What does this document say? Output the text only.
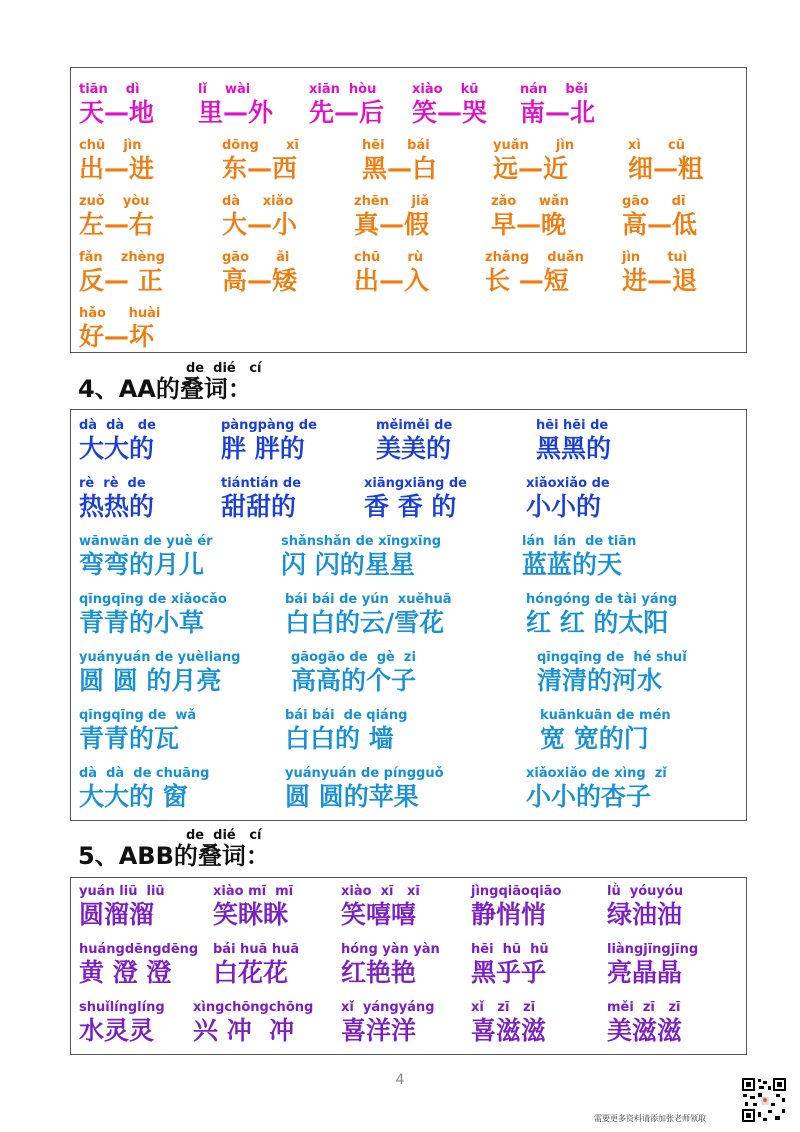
tiān    dì
天—地
lǐ    wài
里—外
xiān  hòu
先—后
xiào    kū
笑—哭
nán    běi
南—北
chū    jìn
出—进
dōng      xī
东—西
hēi     bái
黑—白
yuǎn      jìn
远—近
xì      cū
细—粗
zuǒ    yòu
左—右
dà     xiǎo
大—小
zhēn     jiǎ
真—假
zǎo     wǎn
早—晚
gāo     dī
高—低
fǎn    zhèng
反— 正
gāo      ǎi
高—矮
chū      rù
出—入
zhǎng    duǎn
长 —短
jìn      tuì
进—退
hǎo     huài
好—坏
de  dié   cí
4、AA的叠词：
dà  dà   de
大大的
pàngpàng de
胖 胖的
měiměi de
美美的
hēi hēi de
黑黑的
rè  rè  de
热热的
tiántián de
甜甜的
xiāngxiāng de
香 香 的
xiǎoxiǎo de
小小的
wānwān de yuè ér
弯弯的月儿
shǎnshǎn de xīngxīng
闪 闪的星星
lán  lán  de tiān
蓝蓝的天
qīngqīng de xiǎocǎo
青青的小草
bái bái de yún  xuěhuā
白白的云/雪花
hóngóng de tài yáng
红 红 的太阳
yuányuán de yuèliang
圆 圆 的月亮
gāogāo de  gè  zi
高高的个子
qīngqīng de  hé shuǐ
清清的河水
qīngqīng de  wǎ
青青的瓦
bái bái  de qiáng
白白的 墙
kuānkuān de mén
宽 宽的门
dà  dà  de chuāng
大大的 窗
yuányuán de píngguǒ
圆 圆的苹果
xiǎoxiǎo de xìng  zǐ
小小的杏子
de  dié   cí
5、ABB的叠词：
yuán liū  liū
圆溜溜
xiào mī  mī
笑眯眯
xiào  xī   xī
笑嘻嘻
jìngqiāoqiāo
静悄悄
lǜ  yóuyóu
绿油油
huángdēngdēng
黄 澄 澄
bái huā huā
白花花
hóng yàn yàn
红艳艳
hēi  hū  hū
黑乎乎
liàngjīngjīng
亮晶晶
shuǐlínglíng
水灵灵
xìngchōngchōng
兴 冲  冲
xǐ  yángyáng
喜洋洋
xǐ   zī   zī
喜滋滋
měi  zī   zī
美滋滋
4
需要更多资料请添加张老师领取
